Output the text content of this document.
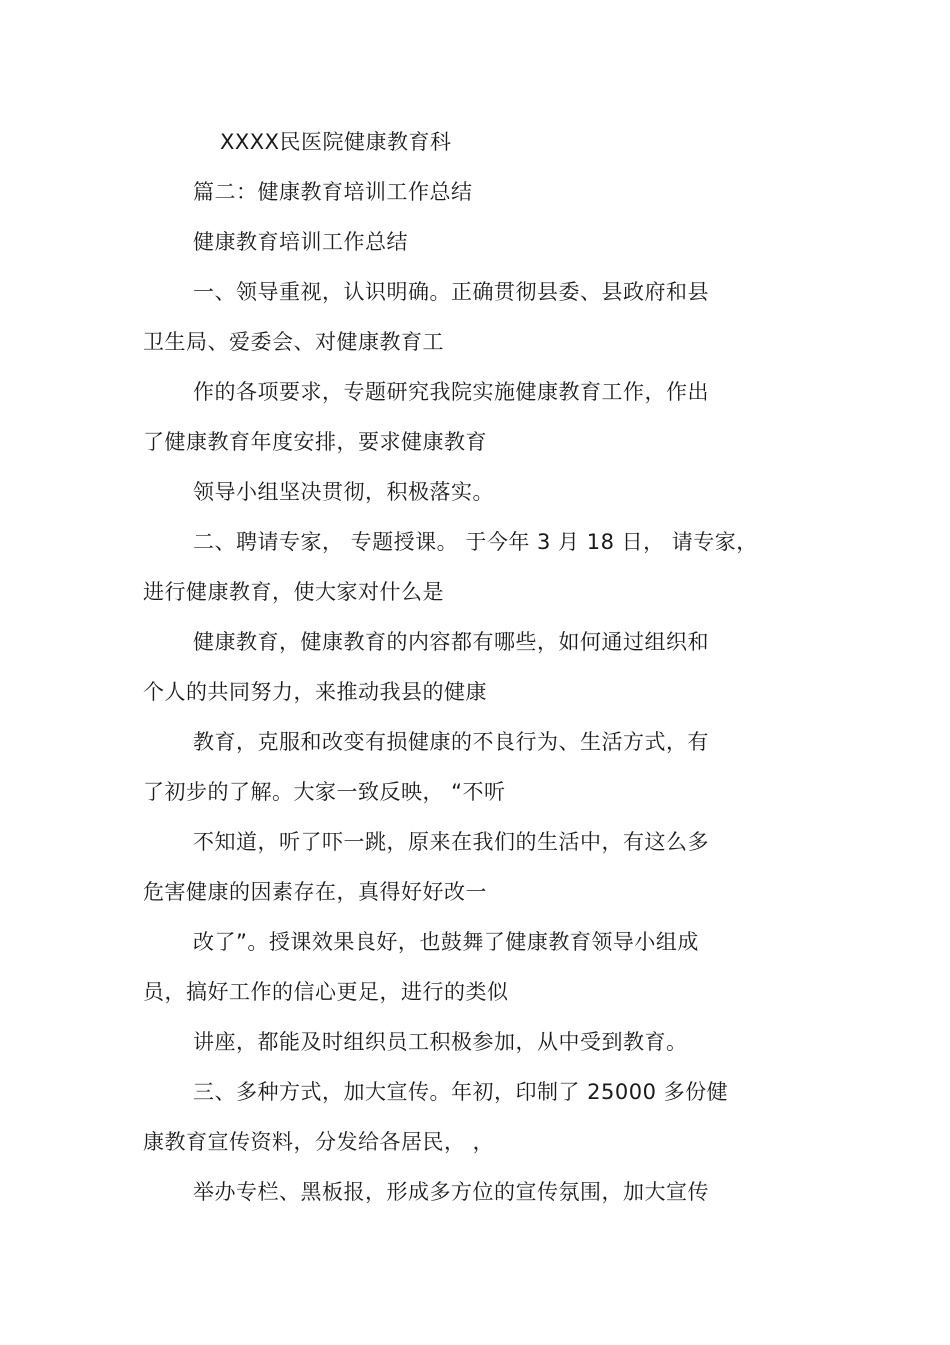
XXXX民医院健康教育科
篇二：健康教育培训工作总结
健康教育培训工作总结
一、领导重视，认识明确。正确贯彻县委、县政府和县
卫生局、爱委会、对健康教育工
作的各项要求，专题研究我院实施健康教育工作，作出
了健康教育年度安排，要求健康教育
领导小组坚决贯彻，积极落实。
二、聘请专家， 专题授课。 于今年 3 月 18 日， 请专家，
进行健康教育，使大家对什么是
健康教育，健康教育的内容都有哪些，如何通过组织和
个人的共同努力，来推动我县的健康
教育，克服和改变有损健康的不良行为、生活方式，有
了初步的了解。大家一致反映， “不听
不知道，听了吓一跳，原来在我们的生活中，有这么多
危害健康的因素存在，真得好好改一
改了”。授课效果良好，也鼓舞了健康教育领导小组成
员，搞好工作的信心更足，进行的类似
讲座，都能及时组织员工积极参加，从中受到教育。
三、多种方式，加大宣传。年初，印制了 25000 多份健
康教育宣传资料，分发给各居民， ，
举办专栏、黑板报，形成多方位的宣传氛围，加大宣传
